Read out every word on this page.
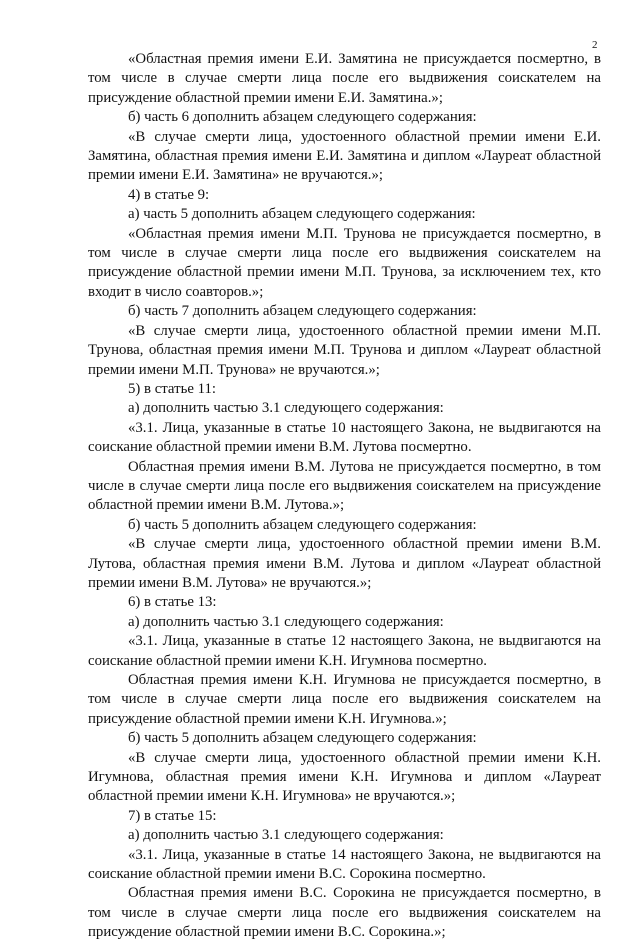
2

«Областная премия имени Е.И. Замятина не присуждается посмертно, в том числе в случае смерти лица после его выдвижения соискателем на присуждение областной премии имени Е.И. Замятина.»;

б) часть 6 дополнить абзацем следующего содержания:

«В случае смерти лица, удостоенного областной премии имени Е.И. Замятина, областная премия имени Е.И. Замятина и диплом «Лауреат областной премии имени Е.И. Замятина» не вручаются.»;

4) в статье 9:

а) часть 5 дополнить абзацем следующего содержания:

«Областная премия имени М.П. Трунова не присуждается посмертно, в том числе в случае смерти лица после его выдвижения соискателем на присуждение областной премии имени М.П. Трунова, за исключением тех, кто входит в число соавторов.»;

б) часть 7 дополнить абзацем следующего содержания:

«В случае смерти лица, удостоенного областной премии имени М.П. Трунова, областная премия имени М.П. Трунова и диплом «Лауреат областной премии имени М.П. Трунова» не вручаются.»;

5) в статье 11:

а) дополнить частью 3.1 следующего содержания:

«3.1. Лица, указанные в статье 10 настоящего Закона, не выдвигаются на соискание областной премии имени В.М. Лутова посмертно.

Областная премия имени В.М. Лутова не присуждается посмертно, в том числе в случае смерти лица после его выдвижения соискателем на присуждение областной премии имени В.М. Лутова.»;

б) часть 5 дополнить абзацем следующего содержания:

«В случае смерти лица, удостоенного областной премии имени В.М. Лутова, областная премия имени В.М. Лутова и диплом «Лауреат областной премии имени В.М. Лутова» не вручаются.»;

6) в статье 13:

а) дополнить частью 3.1 следующего содержания:

«3.1. Лица, указанные в статье 12 настоящего Закона, не выдвигаются на соискание областной премии имени К.Н. Игумнова посмертно.

Областная премия имени К.Н. Игумнова не присуждается посмертно, в том числе в случае смерти лица после его выдвижения соискателем на присуждение областной премии имени К.Н. Игумнова.»;

б) часть 5 дополнить абзацем следующего содержания:

«В случае смерти лица, удостоенного областной премии имени К.Н. Игумнова, областная премия имени К.Н. Игумнова и диплом «Лауреат областной премии имени К.Н. Игумнова» не вручаются.»;

7) в статье 15:

а) дополнить частью 3.1 следующего содержания:

«3.1. Лица, указанные в статье 14 настоящего Закона, не выдвигаются на соискание областной премии имени В.С. Сорокина посмертно.

Областная премия имени В.С. Сорокина не присуждается посмертно, в том числе в случае смерти лица после его выдвижения соискателем на присуждение областной премии имени В.С. Сорокина.»;
